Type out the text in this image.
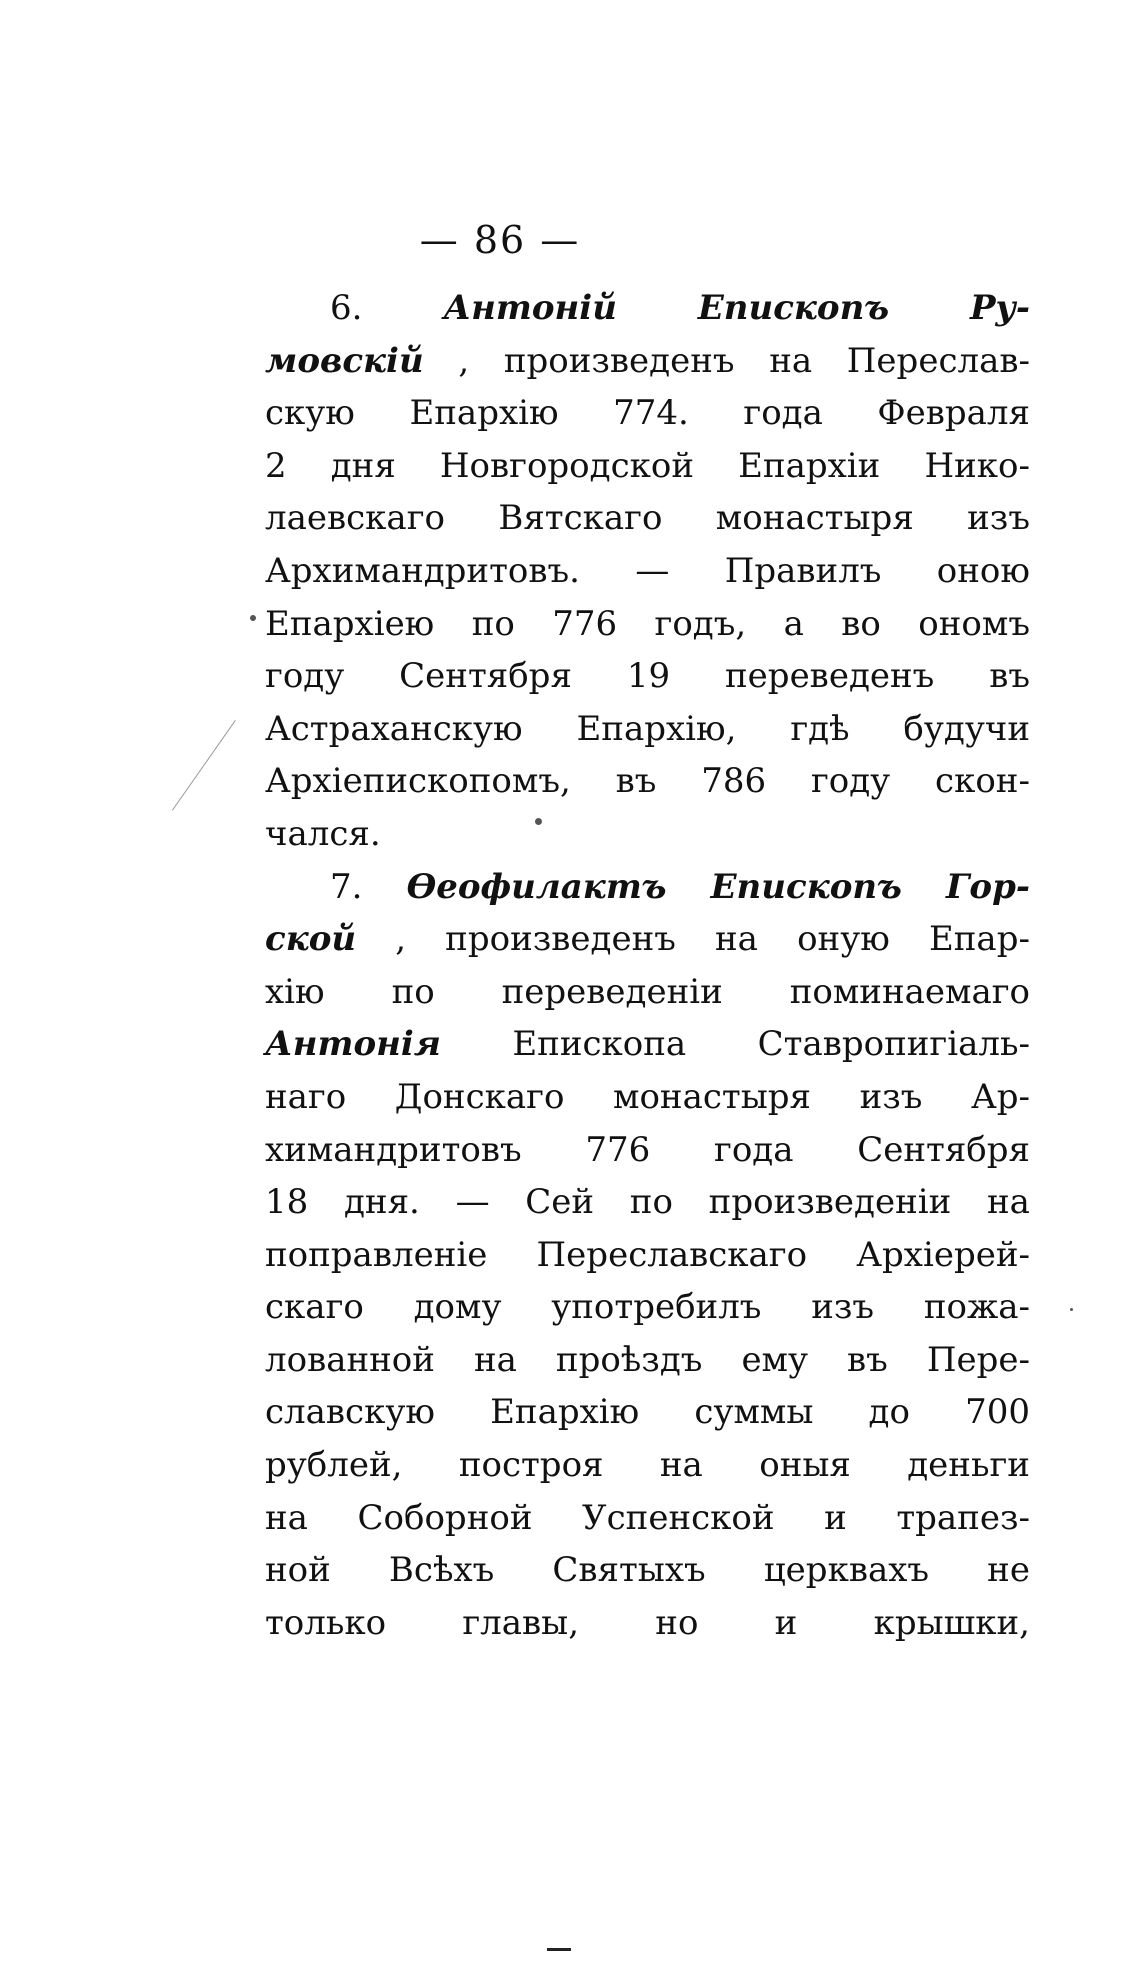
— 86 —
6. Антоній Епископъ Ру-
мовскій , произведенъ на Переслав-
скую Епархію 774. года Февраля
2 дня Новгородской Епархіи Нико-
лаевскаго Вятскаго монастыря изъ
Архимандритовъ. — Правилъ оною
Епархіею по 776 годъ, а во ономъ
году Сентября 19 переведенъ въ
Астраханскую Епархію, гдѣ будучи
Архіепископомъ, въ 786 году скон-
чался.
7. Ѳеофилактъ Епископъ Гор-
ской , произведенъ на оную Епар-
хію по переведеніи поминаемаго
Антонія Епископа Ставропигіаль-
наго Донскаго монастыря изъ Ар-
химандритовъ 776 года Сентября
18 дня. — Сей по произведеніи на
поправленіе Переславскаго Архіерей-
скаго дому употребилъ изъ пожа-
лованной на проѣздъ ему въ Пере-
славскую Епархію суммы до 700
рублей, построя на оныя деньги
на Соборной Успенской и трапез-
ной Всѣхъ Святыхъ церквахъ не
только главы, но и крышки,
